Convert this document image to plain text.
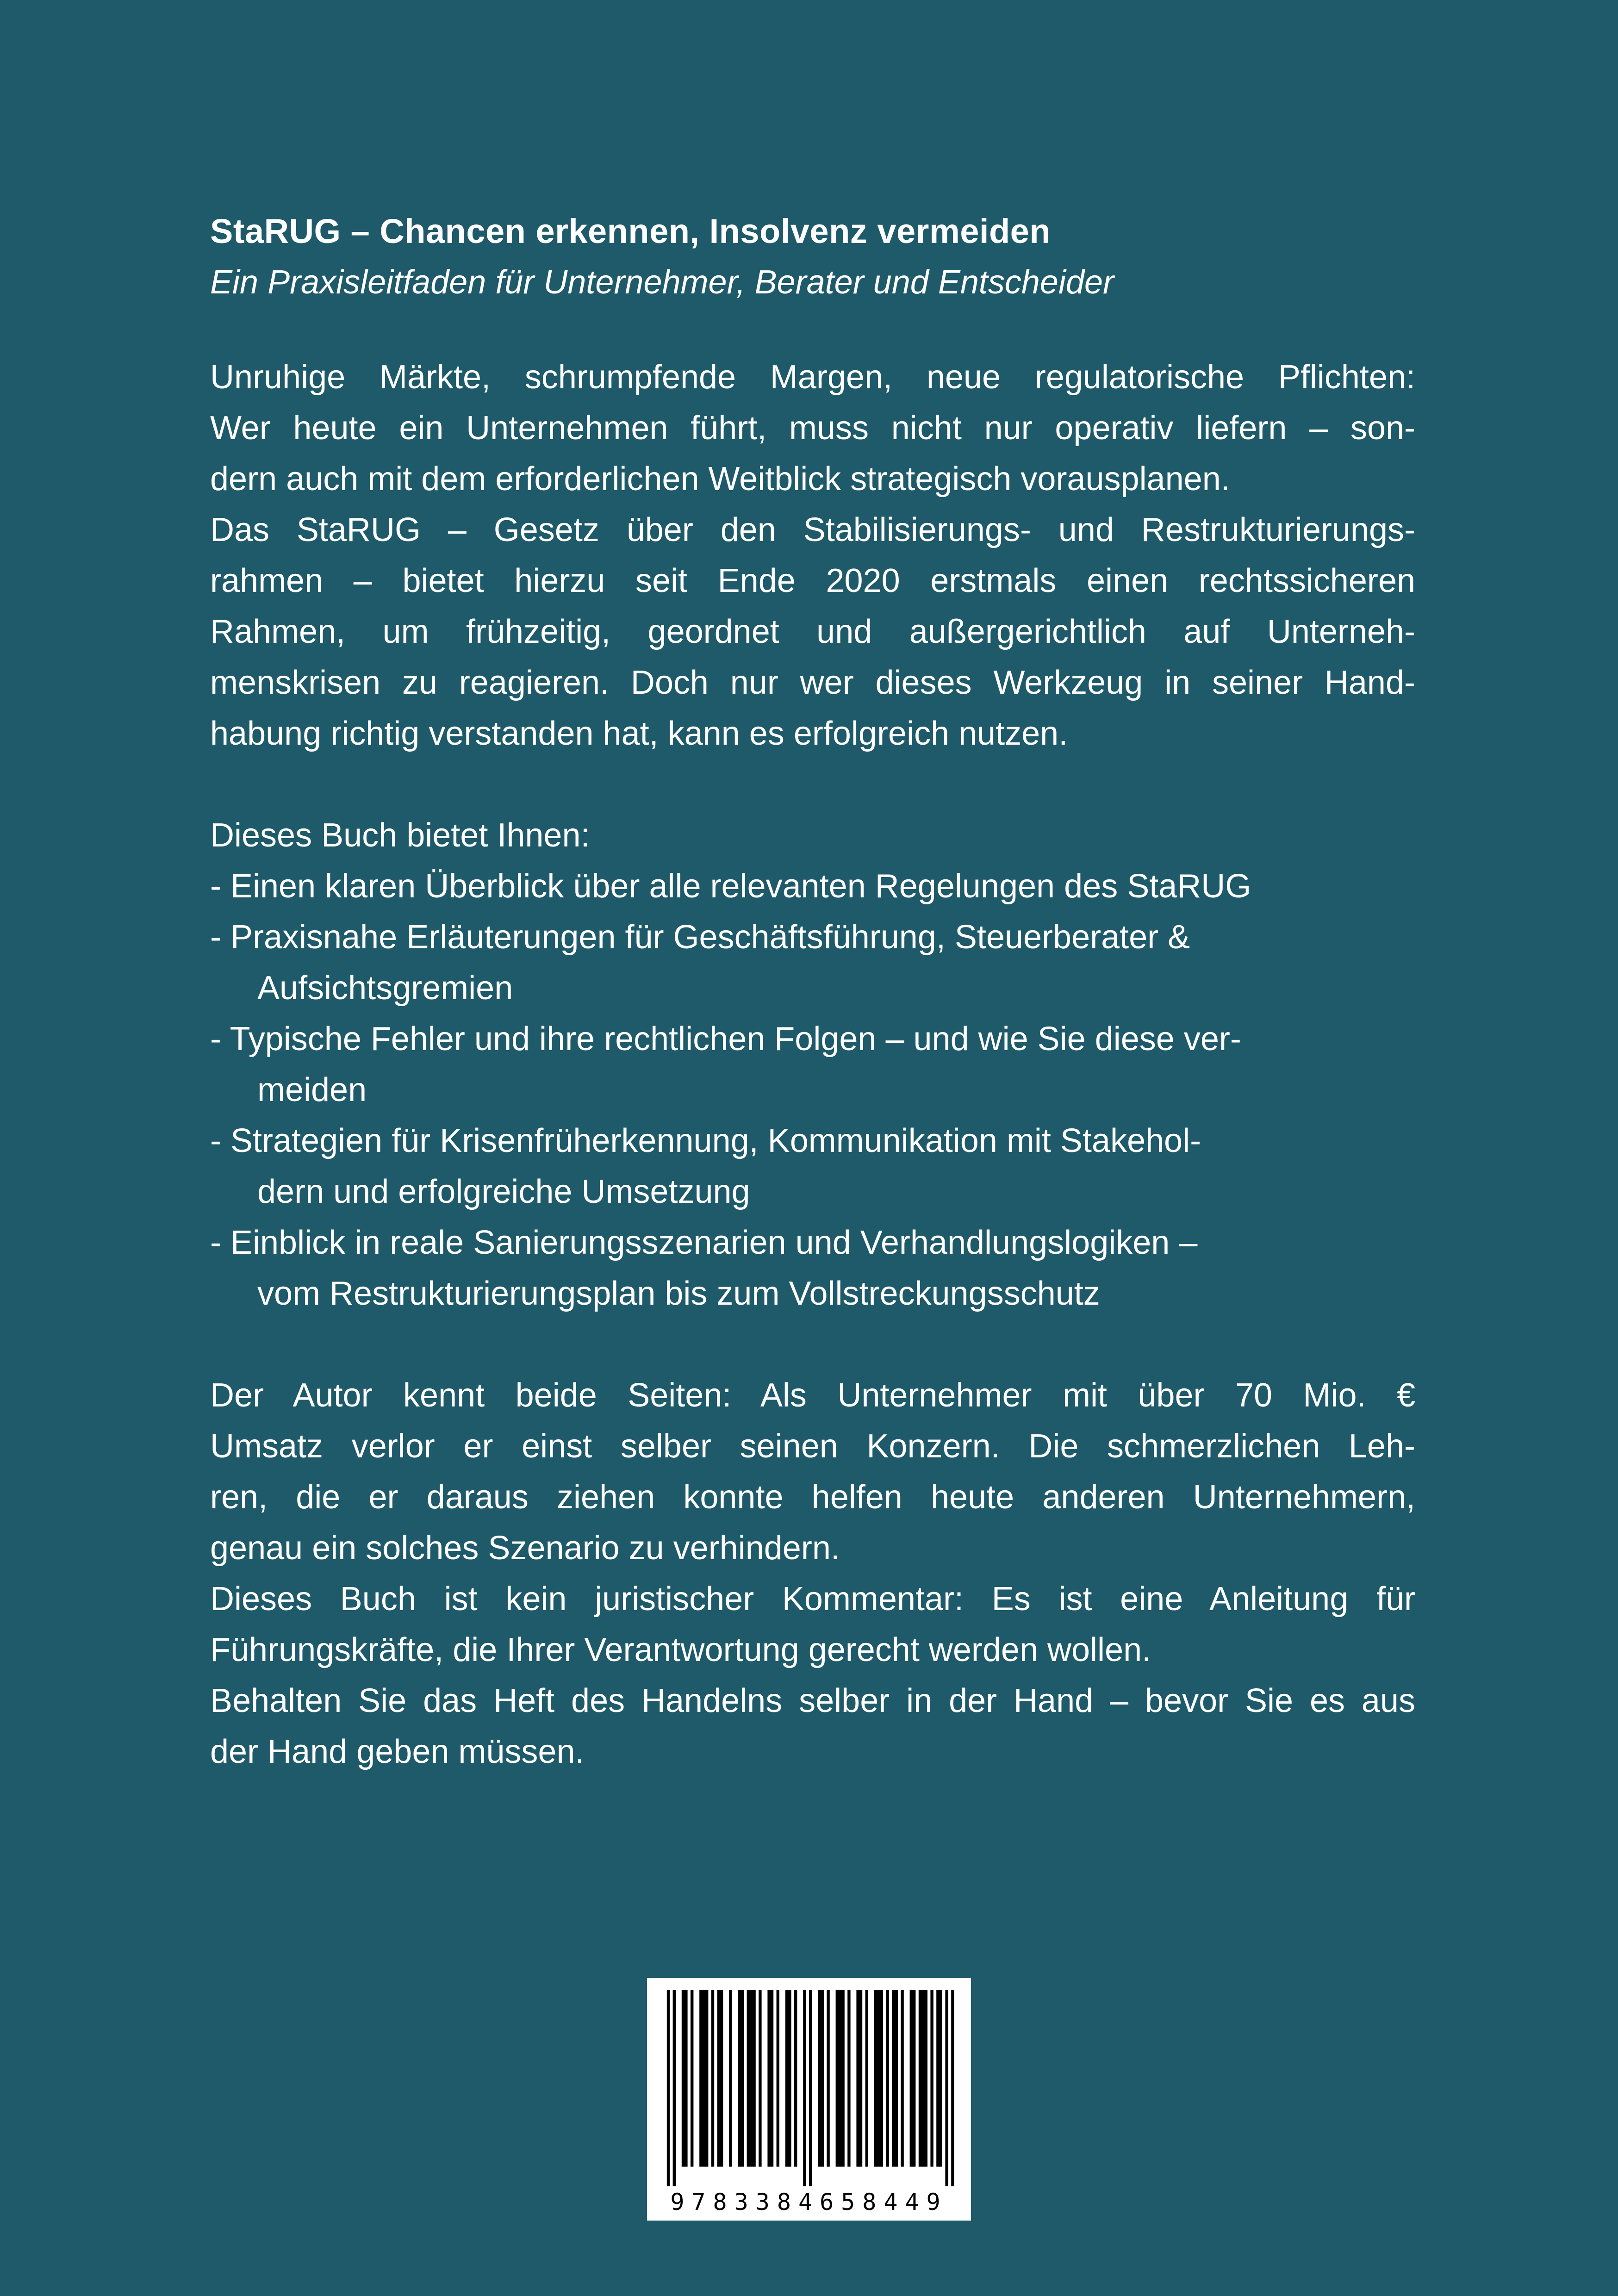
StaRUG – Chancen erkennen, Insolvenz vermeiden
Ein Praxisleitfaden für Unternehmer, Berater und Entscheider
Unruhige Märkte, schrumpfende Margen, neue regulatorische Pflichten:
Wer heute ein Unternehmen führt, muss nicht nur operativ liefern – son-
dern auch mit dem erforderlichen Weitblick strategisch vorausplanen.
Das StaRUG – Gesetz über den Stabilisierungs- und Restrukturierungs-
rahmen – bietet hierzu seit Ende 2020 erstmals einen rechtssicheren
Rahmen, um frühzeitig, geordnet und außergerichtlich auf Unterneh-
menskrisen zu reagieren. Doch nur wer dieses Werkzeug in seiner Hand-
habung richtig verstanden hat, kann es erfolgreich nutzen.
Dieses Buch bietet Ihnen:
- Einen klaren Überblick über alle relevanten Regelungen des StaRUG
- Praxisnahe Erläuterungen für Geschäftsführung, Steuerberater &
Aufsichtsgremien
- Typische Fehler und ihre rechtlichen Folgen – und wie Sie diese ver-
meiden
- Strategien für Krisenfrüherkennung, Kommunikation mit Stakehol-
dern und erfolgreiche Umsetzung
- Einblick in reale Sanierungsszenarien und Verhandlungslogiken –
vom Restrukturierungsplan bis zum Vollstreckungsschutz
Der Autor kennt beide Seiten: Als Unternehmer mit über 70 Mio. €
Umsatz verlor er einst selber seinen Konzern. Die schmerzlichen Leh-
ren, die er daraus ziehen konnte helfen heute anderen Unternehmern,
genau ein solches Szenario zu verhindern.
Dieses Buch ist kein juristischer Kommentar: Es ist eine Anleitung für
Führungskräfte, die Ihrer Verantwortung gerecht werden wollen.
Behalten Sie das Heft des Handelns selber in der Hand – bevor Sie es aus
der Hand geben müssen.
9783384658449
